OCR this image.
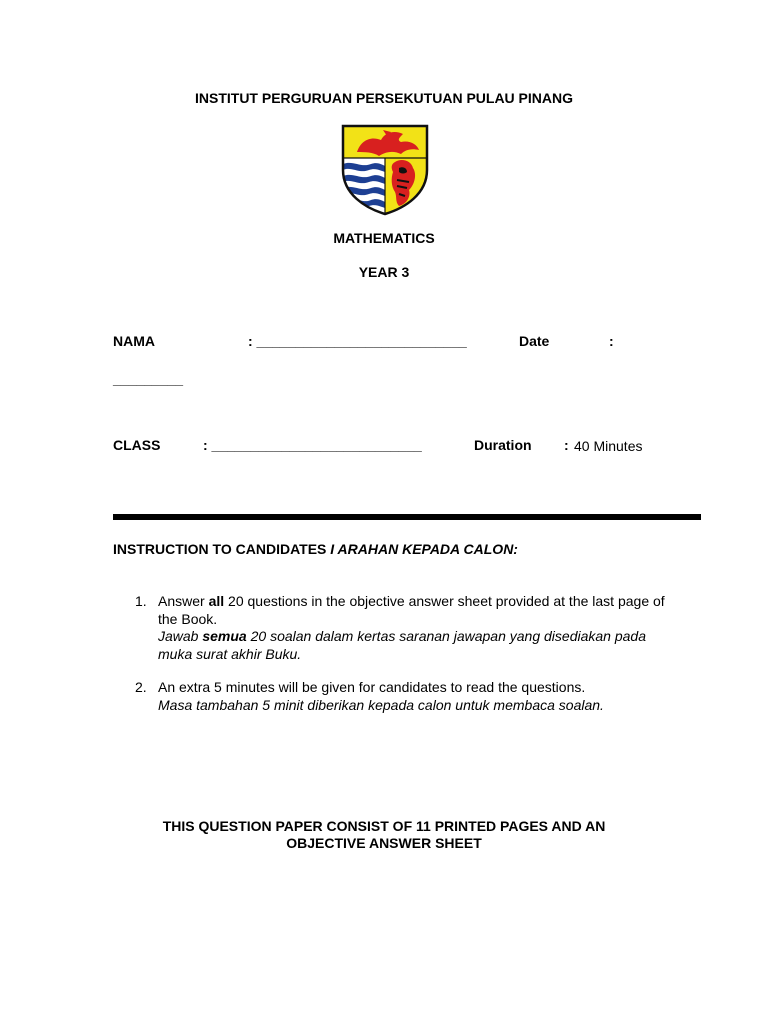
INSTITUT PERGURUAN PERSEKUTUAN PULAU PINANG
MATHEMATICS
YEAR 3
NAMA	: ___________________________	Date	:
_________
CLASS	: ___________________________	Duration : 40 Minutes
INSTRUCTION TO CANDIDATES I ARAHAN KEPADA CALON:
1. Answer all 20 questions in the objective answer sheet provided at the last page of the Book.
Jawab semua 20 soalan dalam kertas saranan jawapan yang disediakan pada muka surat akhir Buku.
2. An extra 5 minutes will be given for candidates to read the questions.
Masa tambahan 5 minit diberikan kepada calon untuk membaca soalan.
THIS QUESTION PAPER CONSIST OF 11 PRINTED PAGES AND AN
OBJECTIVE ANSWER SHEET
